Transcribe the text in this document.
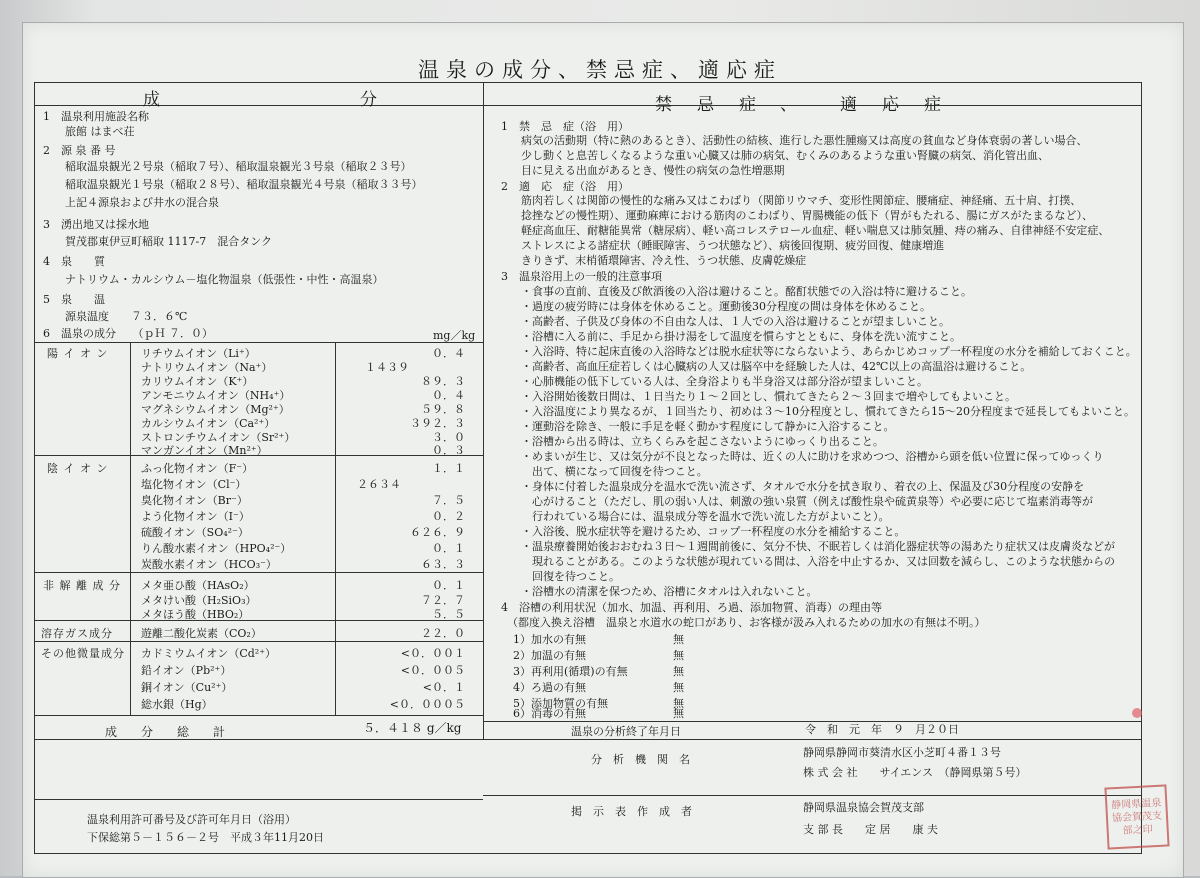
温泉の成分、禁忌症、適応症
成	分	禁　忌　症 、 適　応　症
1　温泉利用施設名称
旅館 はまべ荘
2　源 泉 番 号
稲取温泉観光２号泉（稲取７号）、稲取温泉観光３号泉（稲取２３号）
稲取温泉観光１号泉（稲取２８号）、稲取温泉観光４号泉（稲取３３号）
上記４源泉および井水の混合泉
3　湧出地又は採水地
賀茂郡東伊豆町稲取 1117-7　混合タンク
4　泉　　質
ナトリウム・カルシウム－塩化物温泉（低張性・中性・高温泉）
5　泉　　温
源泉温度　　７３．６℃
6　温泉の成分　　（ｐＨ ７．０）	mg／kg
陽 イ オ ン	リチウムイオン（Li⁺）	０．４
ナトリウムイオン（Na⁺）	１４３９
カリウムイオン（K⁺）	８９．３
アンモニウムイオン（NH₄⁺）	０．４
マグネシウムイオン（Mg²⁺）	５９．８
カルシウムイオン（Ca²⁺）	３９２．３
ストロンチウムイオン（Sr²⁺）	３．０
マンガンイオン（Mn²⁺）	０．３
陰 イ オ ン	ふっ化物イオン（F⁻）	１．１
塩化物イオン（Cl⁻）	２６３４
臭化物イオン（Br⁻）	７．５
よう化物イオン（I⁻）	０．２
硫酸イオン（SO₄²⁻）	６２６．９
りん酸水素イオン（HPO₄²⁻）	０．１
炭酸水素イオン（HCO₃⁻）	６３．３
非 解 離 成 分 メタ亜ひ酸（HAsO₂）	０．１
メタけい酸（H₂SiO₃）	７２．７
メタほう酸（HBO₂）	５．５
溶存ガス成分	遊離二酸化炭素（CO₂）	２２．０
その他微量成分 カドミウムイオン（Cd²⁺）	<０．００１
鉛イオン（Pb²⁺）	<０．００５
銅イオン（Cu²⁺）	<０．１
総水銀（Hg）	<０．０００５
成　　分　　総　　計	５．４１８ g／kg
温泉利用許可番号及び許可年月日（浴用）
下保総第５－１５６－２号　平成３年11月20日
1　禁　忌　症（浴　用）
病気の活動期（特に熱のあるとき）、活動性の結核、進行した悪性腫瘍又は高度の貧血など身体衰弱の著しい場合、
少し動くと息苦しくなるような重い心臓又は肺の病気、むくみのあるような重い腎臓の病気、消化管出血、
目に見える出血があるとき、慢性の病気の急性増悪期
2　適　応　症（浴　用）
筋肉若しくは関節の慢性的な痛み又はこわばり（関節リウマチ、変形性関節症、腰痛症、神経痛、五十肩、打撲、
捻挫などの慢性期）、運動麻痺における筋肉のこわばり、胃腸機能の低下（胃がもたれる、腸にガスがたまるなど）、
軽症高血圧、耐糖能異常（糖尿病）、軽い高コレステロール血症、軽い喘息又は肺気腫、痔の痛み、自律神経不安定症、
ストレスによる諸症状（睡眠障害、うつ状態など）、病後回復期、疲労回復、健康増進
きりきず、末梢循環障害、冷え性、うつ状態、皮膚乾燥症
3　温泉浴用上の一般的注意事項
・食事の直前、直後及び飲酒後の入浴は避けること。酩酊状態での入浴は特に避けること。
・過度の疲労時には身体を休めること。運動後30分程度の間は身体を休めること。
・高齢者、子供及び身体の不自由な人は、１人での入浴は避けることが望ましいこと。
・浴槽に入る前に、手足から掛け湯をして温度を慣らすとともに、身体を洗い流すこと。
・入浴時、特に起床直後の入浴時などは脱水症状等にならないよう、あらかじめコップ一杯程度の水分を補給しておくこと。
・高齢者、高血圧症若しくは心臓病の人又は脳卒中を経験した人は、42℃以上の高温浴は避けること。
・心肺機能の低下している人は、全身浴よりも半身浴又は部分浴が望ましいこと。
・入浴開始後数日間は、１日当たり１～２回とし、慣れてきたら２～３回まで増やしてもよいこと。
・入浴温度により異なるが、１回当たり、初めは３～10分程度とし、慣れてきたら15～20分程度まで延長してもよいこと。
・運動浴を除き、一般に手足を軽く動かす程度にして静かに入浴すること。
・浴槽から出る時は、立ちくらみを起こさないようにゆっくり出ること。
・めまいが生じ、又は気分が不良となった時は、近くの人に助けを求めつつ、浴槽から頭を低い位置に保ってゆっくり
　出て、横になって回復を待つこと。
・身体に付着した温泉成分を温水で洗い流さず、タオルで水分を拭き取り、着衣の上、保温及び30分程度の安静を
　心がけること（ただし、肌の弱い人は、刺激の強い泉質（例えば酸性泉や硫黄泉等）や必要に応じて塩素消毒等が
　行われている場合には、温泉成分等を温水で洗い流した方がよいこと）。
・入浴後、脱水症状等を避けるため、コップ一杯程度の水分を補給すること。
・温泉療養開始後おおむね３日～１週間前後に、気分不快、不眠若しくは消化器症状等の湯あたり症状又は皮膚炎などが
　現れることがある。このような状態が現れている間は、入浴を中止するか、又は回数を減らし、このような状態からの
　回復を待つこと。
・浴槽水の清潔を保つため、浴槽にタオルは入れないこと。
4　浴槽の利用状況（加水、加温、再利用、ろ過、添加物質、消毒）の理由等
（都度入換え浴槽　温泉と水道水の蛇口があり、お客様が汲み入れるための加水の有無は不明。）
1）加水の有無	無
2）加温の有無	無
3）再利用(循環)の有無	無
4）ろ過の有無	無
5）添加物質の有無	無
6）消毒の有無	無
温泉の分析終了年月日	令　和　元　年　９　月２０日
分　析　機　関　名
静岡県静岡市葵清水区小芝町４番１３号
株 式 会 社　　サイエンス　（静岡県第５号）
掲　示　表　作　成　者	静岡県温泉協会賀茂支部
支 部 長　　定 居　　康 夫
静岡県温泉協会賀茂支部之印
